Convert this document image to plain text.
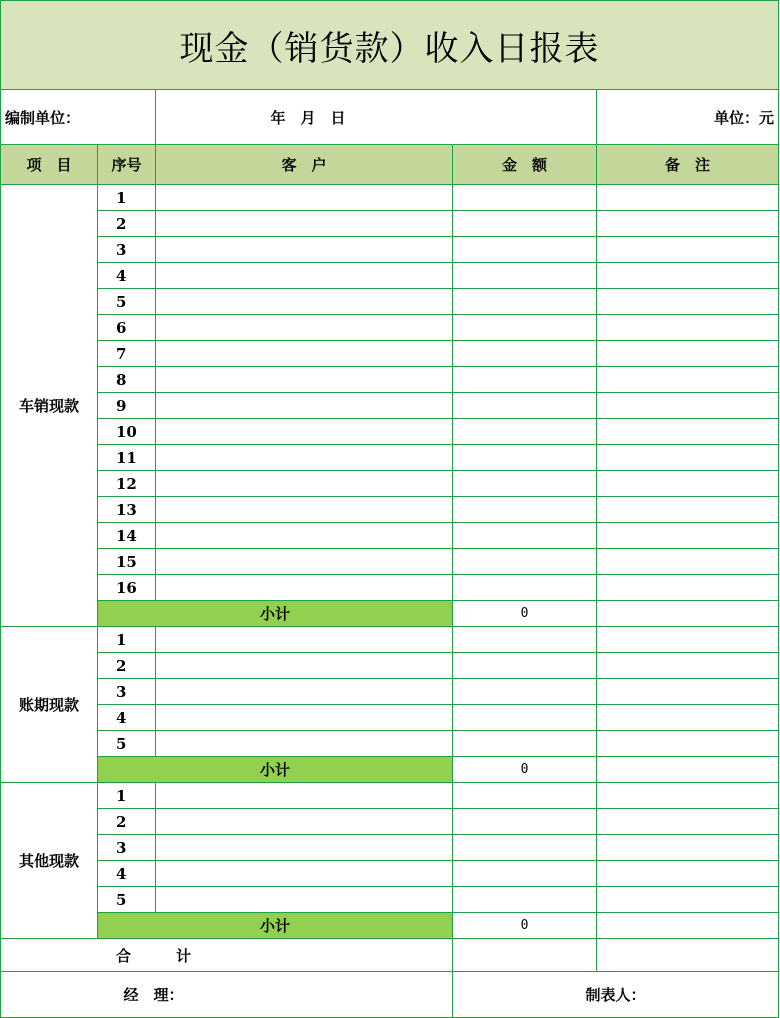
现金（销货款）收入日报表				
编制单位：		年　月　日		单位：元
项　目	序号	客　户	金　额	备　注
车销现款	1			
	2			
	3			
	4			
	5			
	6			
	7			
	8			
	9			
	10			
	11			
	12			
	13			
	14			
	15			
	16			
	小计		0	
账期现款	1			
	2			
	3			
	4			
	5			
	小计		0	
其他现款	1			
	2			
	3			
	4			
	5			
	小计		0	
合　　　计				
经　理：			制表人：	
